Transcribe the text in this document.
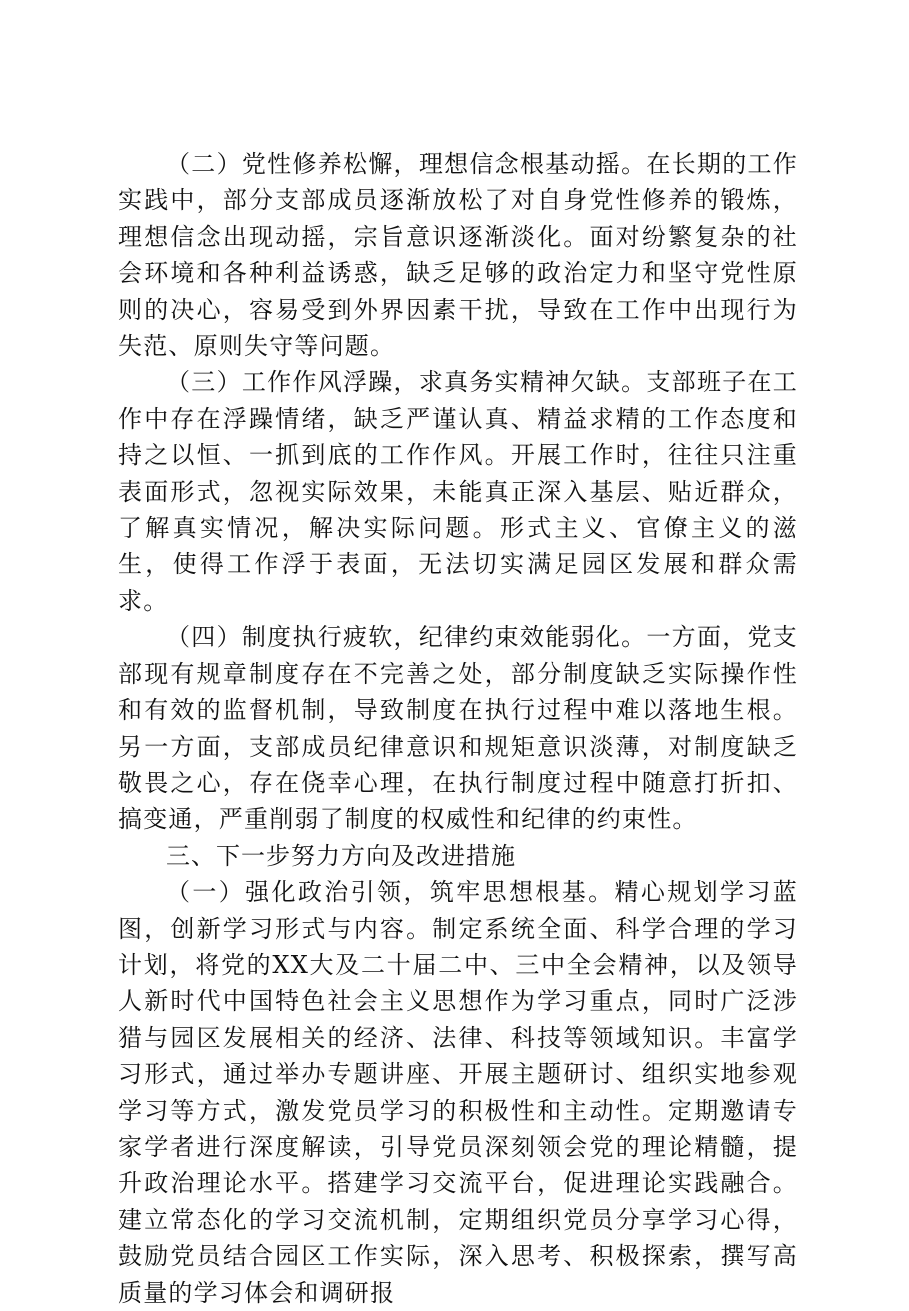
（二）党性修养松懈，理想信念根基动摇。在长期的工作实践中，部分支部成员逐渐放松了对自身党性修养的锻炼，理想信念出现动摇，宗旨意识逐渐淡化。面对纷繁复杂的社会环境和各种利益诱惑，缺乏足够的政治定力和坚守党性原则的决心，容易受到外界因素干扰，导致在工作中出现行为失范、原则失守等问题。

（三）工作作风浮躁，求真务实精神欠缺。支部班子在工作中存在浮躁情绪，缺乏严谨认真、精益求精的工作态度和持之以恒、一抓到底的工作作风。开展工作时，往往只注重表面形式，忽视实际效果，未能真正深入基层、贴近群众，了解真实情况，解决实际问题。形式主义、官僚主义的滋生，使得工作浮于表面，无法切实满足园区发展和群众需求。

（四）制度执行疲软，纪律约束效能弱化。一方面，党支部现有规章制度存在不完善之处，部分制度缺乏实际操作性和有效的监督机制，导致制度在执行过程中难以落地生根。另一方面，支部成员纪律意识和规矩意识淡薄，对制度缺乏敬畏之心，存在侥幸心理，在执行制度过程中随意打折扣、搞变通，严重削弱了制度的权威性和纪律的约束性。

三、下一步努力方向及改进措施

（一）强化政治引领，筑牢思想根基。精心规划学习蓝图，创新学习形式与内容。制定系统全面、科学合理的学习计划，将党的XX大及二十届二中、三中全会精神，以及领导人新时代中国特色社会主义思想作为学习重点，同时广泛涉猎与园区发展相关的经济、法律、科技等领域知识。丰富学习形式，通过举办专题讲座、开展主题研讨、组织实地参观学习等方式，激发党员学习的积极性和主动性。定期邀请专家学者进行深度解读，引导党员深刻领会党的理论精髓，提升政治理论水平。搭建学习交流平台，促进理论实践融合。建立常态化的学习交流机制，定期组织党员分享学习心得，鼓励党员结合园区工作实际，深入思考、积极探索，撰写高质量的学习体会和调研报
